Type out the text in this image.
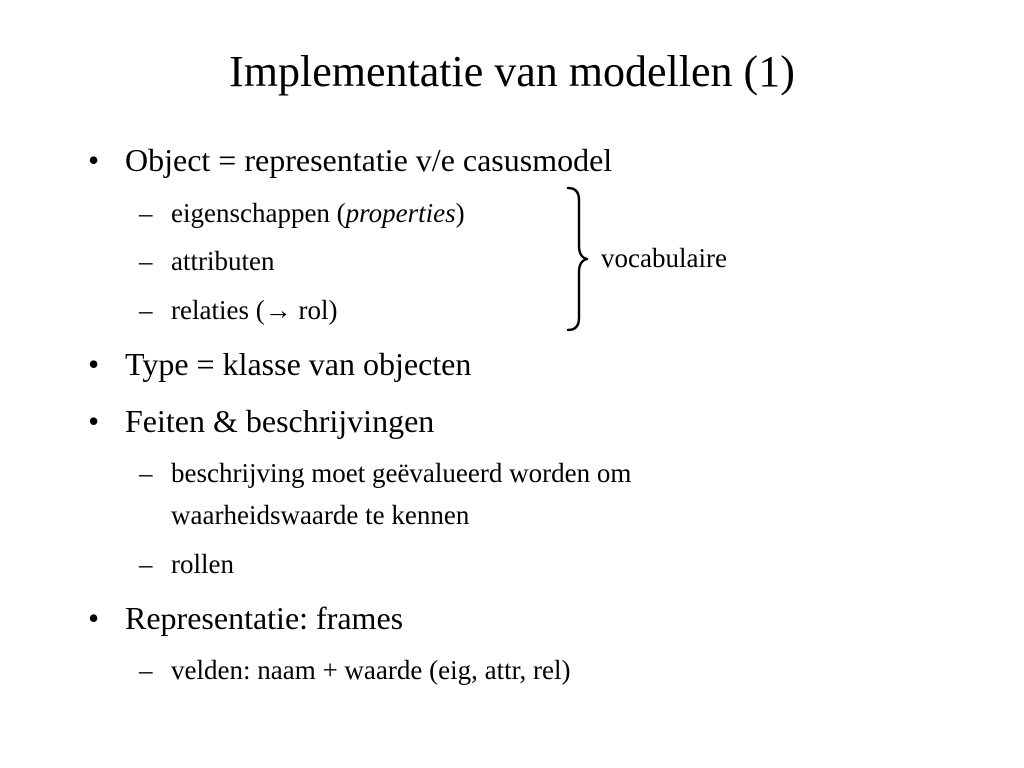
Implementatie van modellen (1)
• Object = representatie v/e casusmodel
– eigenschappen (properties)
– attributen
– relaties (→ rol)
vocabulaire
• Type = klasse van objecten
• Feiten & beschrijvingen
– beschrijving moet geëvalueerd worden om
waarheidswaarde te kennen
– rollen
• Representatie: frames
– velden: naam + waarde (eig, attr, rel)
